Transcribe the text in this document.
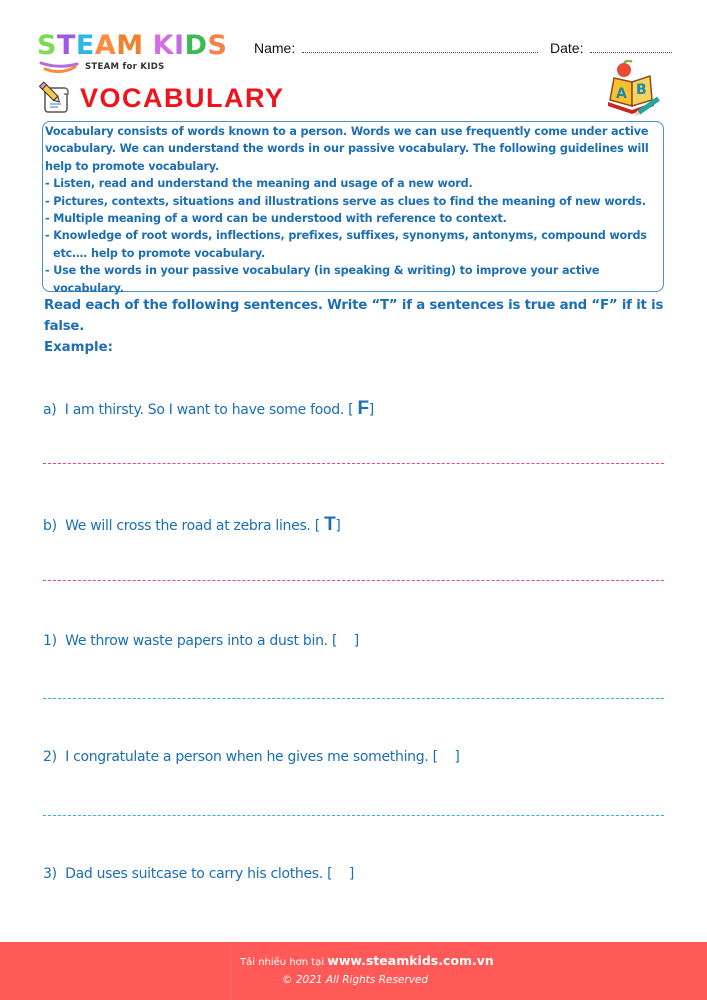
STEAM KIDS
STEAM for KIDS
Name:	Date:
VOCABULARY	A B

Vocabulary consists of words known to a person. Words we can use frequently come under active

vocabulary. We can understand the words in our passive vocabulary. The following guidelines will

help to promote vocabulary.

- Listen, read and understand the meaning and usage of a new word.

- Pictures, contexts, situations and illustrations serve as clues to find the meaning of new words.

- Multiple meaning of a word can be understood with reference to context.

- Knowledge of root words, inflections, prefixes, suffixes, synonyms, antonyms, compound words

etc…. help to promote vocabulary.

- Use the words in your passive vocabulary (in speaking & writing) to improve your active

vocabulary.

Read each of the following sentences. Write “T” if a sentences is true and “F” if it is false.
Example:
a) I am thirsty. So I want to have some food. [ F]
b) We will cross the road at zebra lines. [ T]
1) We throw waste papers into a dust bin. [    ]
2) I congratulate a person when he gives me something. [    ]
3) Dad uses suitcase to carry his clothes. [    ]
Tải nhiều hơn tại www.steamkids.com.vn
© 2021 All Rights Reserved
